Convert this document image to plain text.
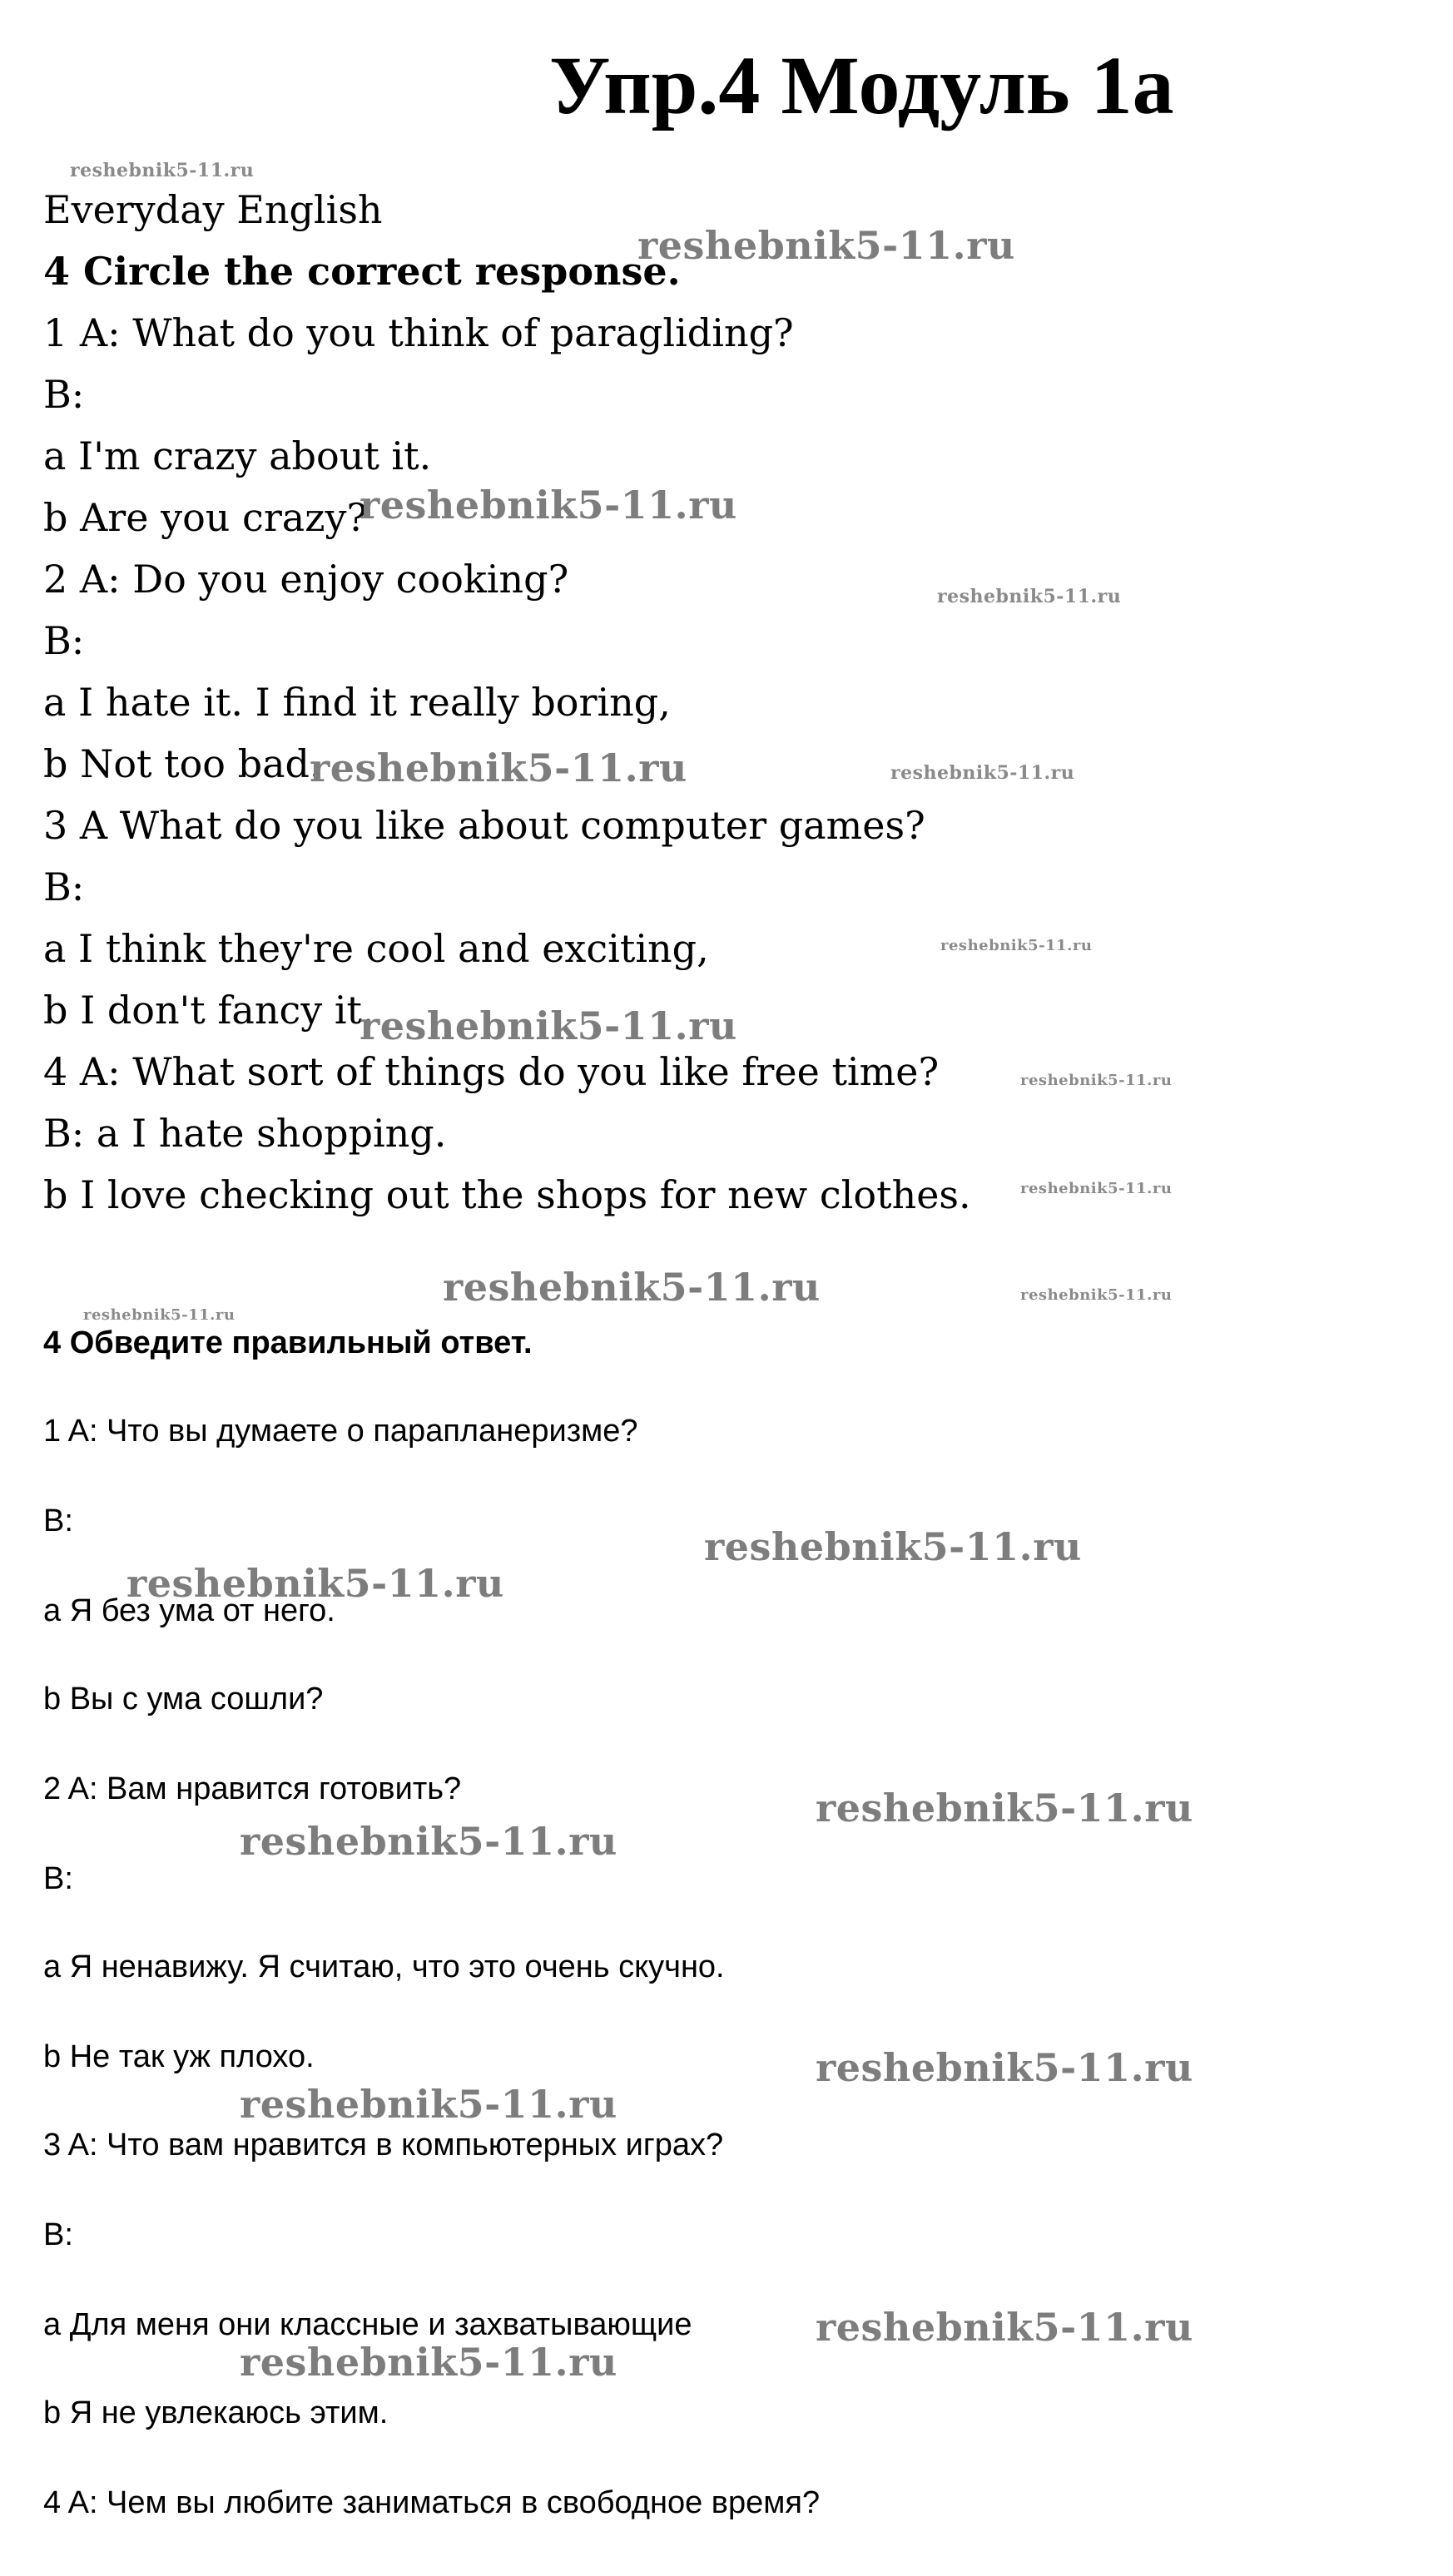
Упр.4 Модуль 1а
Everyday English
4 Circle the correct response.
1 A: What do you think of paragliding?
B:
a I'm crazy about it.
b Are you crazy?
2 A: Do you enjoy cooking?
B:
a I hate it. I find it really boring,
b Not too bad.
3 A What do you like about computer games?
B:
a I think they're cool and exciting,
b I don't fancy it.
4 A: What sort of things do you like free time?
B: a I hate shopping.
b I love checking out the shops for new clothes.
4 Обведите правильный ответ.
1 A: Что вы думаете о парапланеризме?
B:
a Я без ума от него.
b Вы с ума сошли?
2 A: Вам нравится готовить?
B:
a Я ненавижу. Я считаю, что это очень скучно.
b Не так уж плохо.
3 A: Что вам нравится в компьютерных играх?
B:
a Для меня они классные и захватывающие
b Я не увлекаюсь этим.
4 A: Чем вы любите заниматься в свободное время?
reshebnik5-11.ru
reshebnik5-11.ru
reshebnik5-11.ru
reshebnik5-11.ru
reshebnik5-11.ru	reshebnik5-11.ru
reshebnik5-11.ru
reshebnik5-11.ru
reshebnik5-11.ru
reshebnik5-11.ru
reshebnik5-11.ru
reshebnik5-11.ru
reshebnik5-11.ru
reshebnik5-11.ru
reshebnik5-11.ru
reshebnik5-11.ru
reshebnik5-11.ru
reshebnik5-11.ru
reshebnik5-11.ru
reshebnik5-11.ru
reshebnik5-11.ru
